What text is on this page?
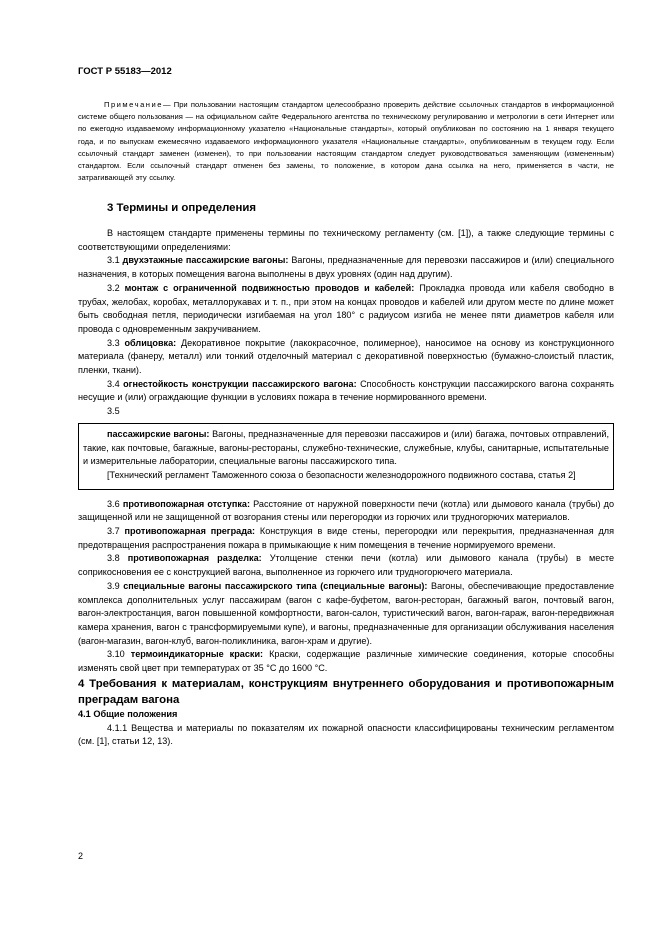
ГОСТ Р 55183—2012

Примечание— При пользовании настоящим стандартом целесообразно проверить действие ссылочных стандартов в информационной системе общего пользования — на официальном сайте Федерального агентства по техническому регулированию и метрологии в сети Интернет или по ежегодно издаваемому информационному указателю «Национальные стандарты», который опубликован по состоянию на 1 января текущего года, и по выпускам ежемесячно издаваемого информационного указателя «Национальные стандарты», опубликованным в текущем году. Если ссылочный стандарт заменен (изменен), то при пользовании настоящим стандартом следует руководствоваться заменяющим (измененным) стандартом. Если ссылочный стандарт отменен без замены, то положение, в котором дана ссылка на него, применяется в части, не затрагивающей эту ссылку.

3 Термины и определения

В настоящем стандарте применены термины по техническому регламенту (см. [1]), а также следующие термины с соответствующими определениями:

3.1 двухэтажные пассажирские вагоны: Вагоны, предназначенные для перевозки пассажиров и (или) специального назначения, в которых помещения вагона выполнены в двух уровнях (один над другим).

3.2 монтаж с ограниченной подвижностью проводов и кабелей: Прокладка провода или кабеля свободно в трубах, желобах, коробах, металлорукавах и т. п., при этом на концах проводов и кабелей или другом месте по длине может быть свободная петля, периодически изгибаемая на угол 180° с радиусом изгиба не менее пяти диаметров кабеля или провода с одновременным закручиванием.

3.3 облицовка: Декоративное покрытие (лакокрасочное, полимерное), наносимое на основу из конструкционного материала (фанеру, металл) или тонкий отделочный материал с декоративной поверхностью (бумажно-слоистый пластик, пленки, ткани).

3.4 огнестойкость конструкции пассажирского вагона: Способность конструкции пассажирского вагона сохранять несущие и (или) ограждающие функции в условиях пожара в течение нормированного времени.

3.5

пассажирские вагоны: Вагоны, предназначенные для перевозки пассажиров и (или) багажа, почтовых отправлений, такие, как почтовые, багажные, вагоны-рестораны, служебно-технические, служебные, клубы, санитарные, испытательные и измерительные лаборатории, специальные вагоны пассажирского типа.

[Технический регламент Таможенного союза о безопасности железнодорожного подвижного состава, статья 2]

3.6 противопожарная отступка: Расстояние от наружной поверхности печи (котла) или дымового канала (трубы) до защищенной или не защищенной от возгорания стены или перегородки из горючих или трудногорючих материалов.

3.7 противопожарная преграда: Конструкция в виде стены, перегородки или перекрытия, предназначенная для предотвращения распространения пожара в примыкающие к ним помещения в течение нормируемого времени.

3.8 противопожарная разделка: Утолщение стенки печи (котла) или дымового канала (трубы) в месте соприкосновения ее с конструкцией вагона, выполненное из горючего или трудногорючего материала.

3.9 специальные вагоны пассажирского типа (специальные вагоны): Вагоны, обеспечивающие предоставление комплекса дополнительных услуг пассажирам (вагон с кафе-буфетом, вагон-ресторан, багажный вагон, почтовый вагон, вагон-электростанция, вагон повышенной комфортности, вагон-салон, туристический вагон, вагон-гараж, вагон-передвижная камера хранения, вагон с трансформируемыми купе), и вагоны, предназначенные для организации обслуживания населения (вагон-магазин, вагон-клуб, вагон-поликлиника, вагон-храм и другие).

3.10 термоиндикаторные краски: Краски, содержащие различные химические соединения, которые способны изменять свой цвет при температурах от 35 °С до 1600 °С.

4 Требования к материалам, конструкциям внутреннего оборудования и противопожарным преградам вагона

4.1 Общие положения

4.1.1 Вещества и материалы по показателям их пожарной опасности классифицированы техническим регламентом (см. [1], статьи 12, 13).

2
